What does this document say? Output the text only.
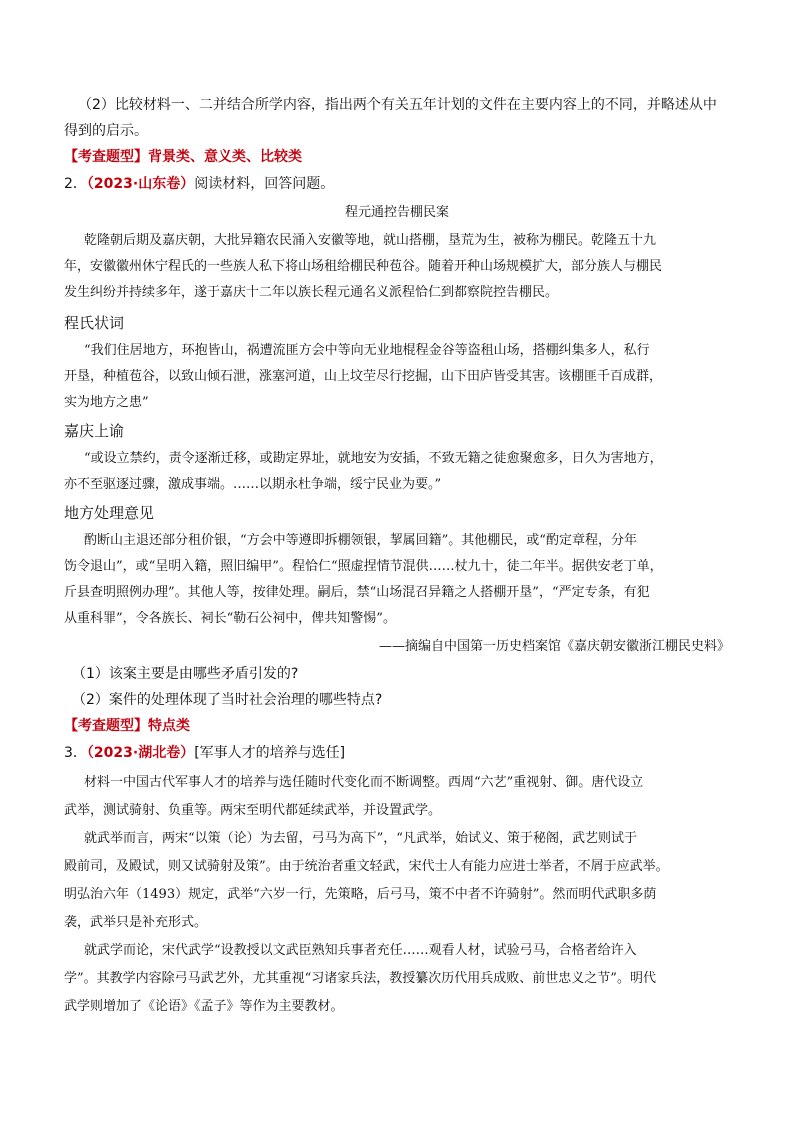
（2）比较材料一、二并结合所学内容，指出两个有关五年计划的文件在主要内容上的不同，并略述从中
得到的启示。
【考查题型】背景类、意义类、比较类
2．（2023·山东卷）阅读材料，回答问题。
程元通控告棚民案
乾隆朝后期及嘉庆朝，大批异籍农民涌入安徽等地，就山搭棚，垦荒为生，被称为棚民。乾隆五十九
年，安徽徽州休宁程氏的一些族人私下将山场租给棚民种苞谷。随着开种山场规模扩大，部分族人与棚民
发生纠纷并持续多年，遂于嘉庆十二年以族长程元通名义派程恰仁到都察院控告棚民。
程氏状词
“我们住居地方，环抱皆山，祸遭流匪方会中等向无业地棍程金谷等盗租山场，搭棚纠集多人，私行
开垦，种植苞谷，以致山倾石泄，涨塞河道，山上坟茔尽行挖掘，山下田庐皆受其害。该棚匪千百成群，
实为地方之患”
嘉庆上谕
“或设立禁约，责令逐渐迁移，或勘定界址，就地安为安插，不致无籍之徒愈聚愈多，日久为害地方，
亦不至驱逐过骤，激成事端。……以期永杜争端，绥宁民业为要。”
地方处理意见
酌断山主退还部分租价银，“方会中等遵即拆棚领银，挈属回籍”。其他棚民，或“酌定章程，分年
饬令退山”，或“呈明入籍，照旧编甲”。程恰仁“照虚捏情节混供……杖九十，徒二年半。据供安老丁单，
斤县查明照例办理”。其他人等，按律处理。嗣后，禁“山场混召异籍之人搭棚开垦”，“严定专条，有犯
从重科罪”，令各族长、祠长“勒石公祠中，俾共知警惕”。
——摘编自中国第一历史档案馆《嘉庆朝安徽浙江棚民史料》
（1）该案主要是由哪些矛盾引发的?
（2）案件的处理体现了当时社会治理的哪些特点?
【考查题型】特点类
3．（2023·湖北卷）[军事人才的培养与选任]
材料一中国古代军事人才的培养与选任随时代变化而不断调整。西周“六艺”重视射、御。唐代设立
武举，测试骑射、负重等。两宋至明代都延续武举，并设置武学。
就武举而言，两宋“以策（论）为去留，弓马为高下”，“凡武举，始试义、策于秘阁，武艺则试于
殿前司，及殿试，则又试骑射及策”。由于统治者重文轻武，宋代士人有能力应进士举者，不屑于应武举。
明弘治六年（1493）规定，武举“六岁一行，先策略，后弓马，策不中者不许骑射”。然而明代武职多荫
袭，武举只是补充形式。
就武学而论，宋代武学“设教授以文武臣熟知兵事者充任……观看人材，试验弓马，合格者给许入
学”。其教学内容除弓马武艺外，尤其重视“习诸家兵法，教授纂次历代用兵成败、前世忠义之节”。明代
武学则增加了《论语》《孟子》等作为主要教材。
